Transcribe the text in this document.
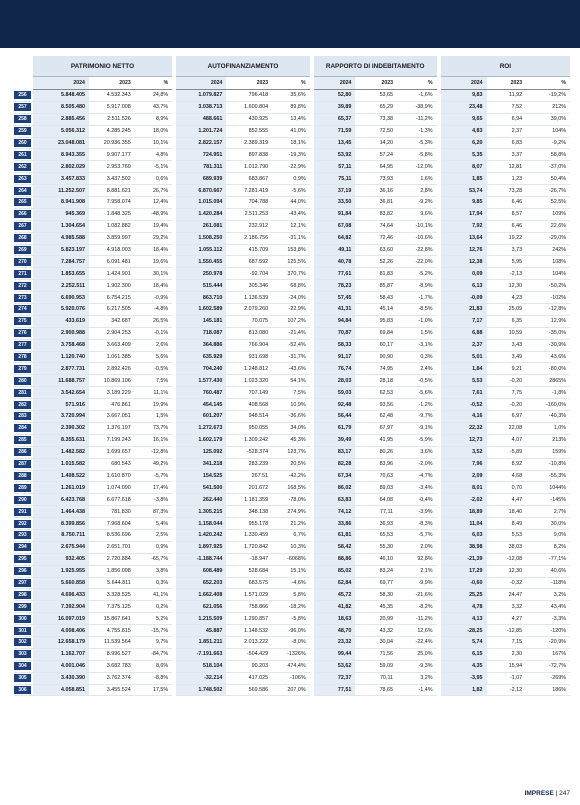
	PATRIMONIO NETTO				AUTOFINANZIAMENTO				RAPPORTO DI INDEBITAMENTO				ROI		
	2024	2023	%		2024	2023	%		2024	2023	%		2024	2023	%
256	5.848.405	4.532.343	24,8%		1.079.827	796.418	35,6%		52,80	53,65	-1,6%		9,83	11,92	-19,2%
257	8.505.480	5.917.008	43,7%		3.038.713	1.600.804	89,8%		39,89	65,29	-38,9%		23,48	7,52	212%
258	2.885.456	2.511.526	8,9%		488.661	430.925	13,4%		65,37	73,38	-11,2%		9,65	6,94	39,0%
259	5.056.312	4.285.245	18,0%		1.201.724	852.555	41,0%		71,59	72,50	-1,3%		4,83	2,37	104%
260	23.048.081	20.936.355	10,1%		2.822.157	2.389.319	18,1%		13,45	14,20	-5,3%		6,20	6,83	-9,2%
261	8.943.355	9.907.177	4,8%		724.951	897.838	-19,3%		53,92	57,24	-5,8%		5,35	3,37	58,8%
262	2.802.029	2.953.769	-5,1%		781.311	1.012.790	-22,9%		57,11	64,95	-12,0%		8,07	12,81	-37,0%
263	3.457.833	3.437.502	0,6%		689.939	683.867	0,9%		75,11	73,93	1,6%		1,85	1,23	50,4%
264	11.252.507	8.881.621	26,7%		6.870.667	7.281.419	-5,6%		37,19	36,16	2,8%		53,74	73,28	-26,7%
265	8.941.908	7.958.074	12,4%		1.015.094	704.788	44,0%		33,50	36,81	-9,2%		9,85	6,46	52,5%
266	945.369	1.848.325	-48,9%		1.420.284	2.511.253	-43,4%		91,84	83,82	9,6%		17,94	8,57	109%
267	1.304.654	1.082.882	19,4%		261.081	232.912	12,1%		67,08	74,64	-10,1%		7,92	6,46	22,6%
268	4.985.588	3.859.997	29,2%		1.508.250	2.186.756	-31,1%		64,82	72,46	-10,6%		13,64	19,22	-29,0%
269	5.823.197	4.918.003	18,4%		1.055.112	415.709	153,8%		49,11	63,60	-22,8%		12,76	3,73	242%
270	7.284.757	6.091.481	19,6%		1.550.455	687.592	125,5%		40,78	52,26	-22,0%		12,38	5,95	108%
271	1.853.655	1.424.901	30,1%		250.978	-92.704	370,7%		77,61	81,83	-5,2%		0,09	-2,13	104%
272	2.252.511	1.902.300	18,4%		515.444	305.346	68,8%		78,23	85,87	-8,9%		6,13	12,30	-50,2%
273	6.690.953	6.754.215	-0,9%		863.710	1.136.539	-24,0%		57,45	58,43	-1,7%		-0,09	4,23	-102%
274	5.920.076	6.217.505	-4,8%		1.602.589	2.079.260	-22,9%		41,31	45,14	-8,5%		21,83	25,09	-12,8%
275	433.619	342.687	26,5%		145.181	70.075	107,2%		94,84	95,83	-1,0%		7,17	6,35	12,9%
276	2.900.988	2.904.253	-0,1%		718.087	813.080	-21,4%		70,87	69,84	1,5%		6,88	10,59	-35,0%
277	3.758.468	3.663.409	2,6%		364.886	766.904	-52,4%		58,33	60,17	-3,1%		2,37	3,43	-30,9%
278	1.120.740	1.061.385	5,6%		635.929	931.698	-31,7%		91,17	90,90	0,3%		5,01	3,49	43,6%
279	2.877.731	2.892.426	-0,5%		704.240	1.248.812	-43,6%		76,74	74,95	2,4%		1,84	9,21	-80,0%
280	11.688.757	10.869.106	7,5%		1.577.430	1.023.320	54,1%		28,03	28,18	-0,5%		5,53	-0,20	2865%
281	3.542.654	3.189.229	11,1%		760.487	707.149	7,5%		59,03	62,53	-5,6%		7,61	7,75	-1,8%
282	571.916	476.861	19,9%		454.145	408.568	10,9%		92,48	93,56	-1,2%		-0,52	-0,20	-160,0%
283	3.720.994	3.667.051	1,5%		601.207	948.514	-36,6%		56,44	62,48	-9,7%		4,16	6,97	-40,3%
284	2.390.302	1.376.197	73,7%		1.272.673	950.055	34,0%		61,79	67,97	-9,1%		22,32	22,08	1,0%
285	8.355.631	7.199.243	16,1%		1.602.179	1.309.242	45,3%		39,49	41,95	-5,9%		12,73	4,07	213%
286	1.482.582	1.699.657	-12,8%		125.092	-528.374	123,7%		83,17	80,26	3,6%		3,52	-5,89	159%
287	1.015.582	680.543	49,2%		341.218	283.239	20,5%		82,28	83,96	-2,0%		7,96	8,92	-10,8%
288	1.408.522	1.610.870	-5,7%		154.525	267.51	-42,2%		67,34	70,63	-4,7%		2,09	4,68	-55,3%
289	1.261.019	1.074.090	17,4%		541.500	201.672	168,5%		86,02	89,03	-3,4%		8,01	0,70	1044%
290	6.423.768	6.677.618	-3,8%		262.440	1.181.359	-78,0%		63,83	64,08	-0,4%		-2,02	4,47	-145%
291	1.464.438	781.830	87,3%		1.305.215	348.138	274,9%		74,12	77,11	-3,9%		18,89	18,40	2,7%
292	8.399.856	7.968.604	5,4%		1.158.044	955.178	21,2%		33,86	36,93	-8,3%		11,04	8,49	30,0%
293	8.750.711	8.536.696	2,5%		1.420.242	1.330.459	6,7%		61,81	65,53	-5,7%		6,03	5,53	9,0%
294	2.675.944	2.651.701	0,9%		1.897.925	1.720.842	10,3%		58,42	55,30	2,0%		38,98	38,03	8,2%
295	932.405	2.720.884	-65,7%		-1.188.744	-18.947	-6068%		88,86	46,10	92,8%		-21,39	-12,08	-77,1%
296	1.925.955	1.856.098	3,8%		608.489	528.684	15,1%		85,02	83,24	2,1%		17,29	12,30	40,6%
297	5.660.858	5.644.811	0,3%		652.203	683.575	-4,6%		62,84	69,77	-9,9%		-0,60	-0,32	-118%
298	4.696.433	3.328.525	41,1%		1.662.408	1.571.029	5,8%		45,72	58,30	-21,6%		25,25	24,47	3,2%
299	7.392.904	7.375.125	0,2%		621.056	758.866	-18,2%		41,82	45,35	-8,2%		4,78	3,32	43,4%
300	16.097.019	15.867.641	5,2%		1.215.509	1.290.857	-5,8%		18,63	20,99	-11,2%		4,13	4,27	-3,3%
301	4.008.406	4.755.815	-15,7%		45.887	1.148.532	-96,0%		48,70	43,32	12,6%		-28,25	-12,85	-120%
302	12.658.179	11.539.564	9,7%		1.851.211	2.013.222	-8,0%		23,32	30,04	-22,4%		5,74	7,15	-20,9%
303	1.162.707	8.996.527	-84,7%		-7.191.663	-504.429	-1326%		99,44	71,56	25,0%		6,15	2,30	167%
304	4.001.046	3.682.783	8,6%		518.104	90.203	474,4%		53,62	59,09	-9,3%		4,35	15,94	-72,7%
305	3.430.390	3.762.374	-8,8%		-32.214	417.025	-106%		72,37	70,11	3,2%		-3,95	-1,07	-269%
306	4.058.851	3.455.524	17,5%		1.748.502	569.586	207,0%		77,51	78,65	-1,4%		1,82	-2,12	186%
IMPRESE | 247
